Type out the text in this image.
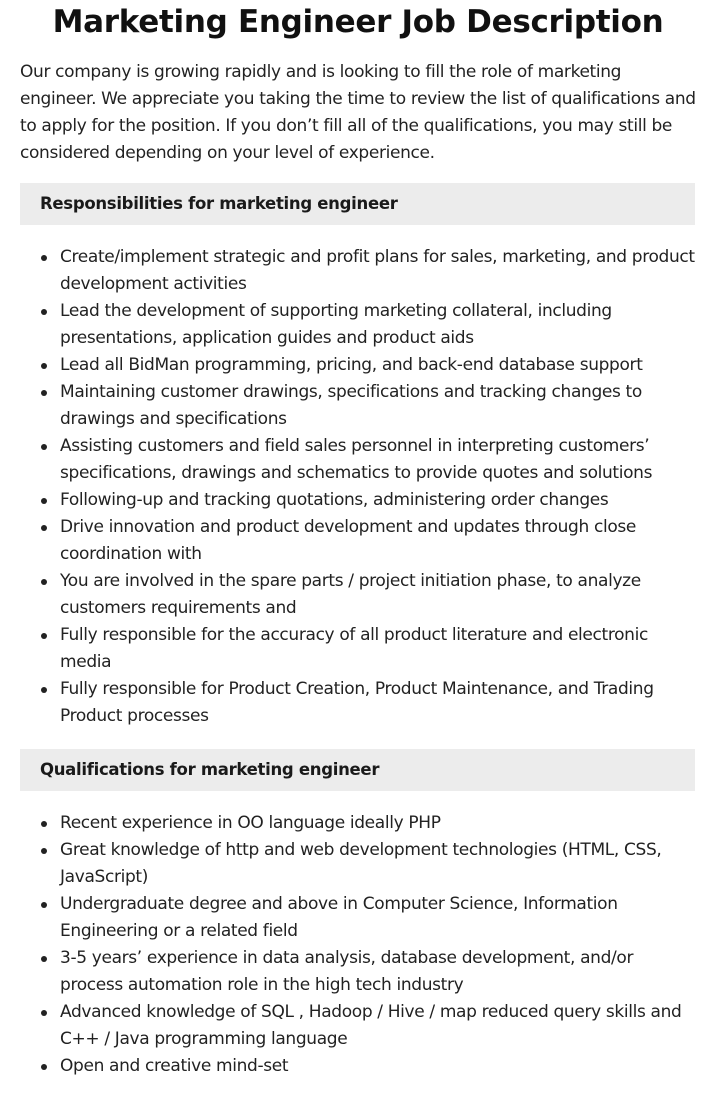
Marketing Engineer Job Description

Our company is growing rapidly and is looking to fill the role of marketing engineer. We appreciate you taking the time to review the list of qualifications and to apply for the position. If you don’t fill all of the qualifications, you may still be considered depending on your level of experience.

Responsibilities for marketing engineer
Create/implement strategic and profit plans for sales, marketing, and product development activities
Lead the development of supporting marketing collateral, including presentations, application guides and product aids
Lead all BidMan programming, pricing, and back-end database support
Maintaining customer drawings, specifications and tracking changes to drawings and specifications
Assisting customers and field sales personnel in interpreting customers’ specifications, drawings and schematics to provide quotes and solutions
Following-up and tracking quotations, administering order changes
Drive innovation and product development and updates through close coordination with
You are involved in the spare parts / project initiation phase, to analyze customers requirements and
Fully responsible for the accuracy of all product literature and electronic media
Fully responsible for Product Creation, Product Maintenance, and Trading Product processes
Qualifications for marketing engineer
Recent experience in OO language ideally PHP
Great knowledge of http and web development technologies (HTML, CSS, JavaScript)
Undergraduate degree and above in Computer Science, Information Engineering or a related field
3-5 years’ experience in data analysis, database development, and/or process automation role in the high tech industry
Advanced knowledge of SQL , Hadoop / Hive / map reduced query skills and C++ / Java programming language
Open and creative mind-set
